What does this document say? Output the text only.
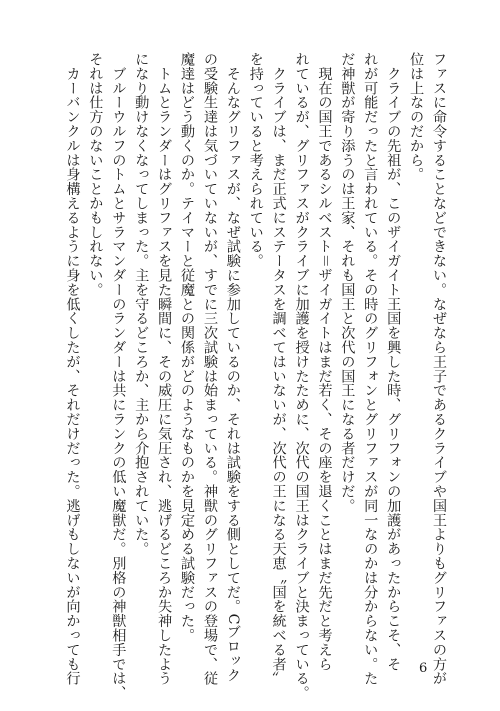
ファスに命令することなどできない。なぜなら王子であるクライブや国王よりもグリファスの方が

位は上なのだから。

　クライブの先祖が、このザイガイト王国を興した時、グリフォンの加護があったからこそ、そ

れが可能だったと言われている。その時のグリフォンとグリファスが同一なのかは分からない。た

だ神獣が寄り添うのは王家、それも国王と次代の国王になる者だけだ。

　現在の国王であるシルベスト＝ザイガイトはまだ若く、その座を退くことはまだ先だと考えら

れているが、グリファスがクライブに加護を授けたために、次代の国王はクライブと決まっている。

　クライブは、まだ正式にステータスを調べてはいないが、次代の王になる天恵〝国を統べる者〟

を持っていると考えられている。

　そんなグリファスが、なぜ試験に参加しているのか、それは試験をする側としてだ。Cブロック

の受験生達は気づいていないが、すでに三次試験は始まっている。神獣のグリファスの登場で、従

魔達はどう動くのか。テイマーと従魔との関係がどのようなものかを見定める試験だった。

　トムとランダーはグリファスを見た瞬間に、その威圧に気圧され、逃げるどころか失神したよう

になり動けなくなってしまった。主を守るどころか、主から介抱されていた。

　ブルーウルフのトムとサラマンダーのランダーは共にランクの低い魔獣だ。別格の神獣相手では、

それは仕方のないことかもしれない。

　カーバンクルは身構えるように身を低くしたが、それだけだった。逃げもしないが向かっても行	6
